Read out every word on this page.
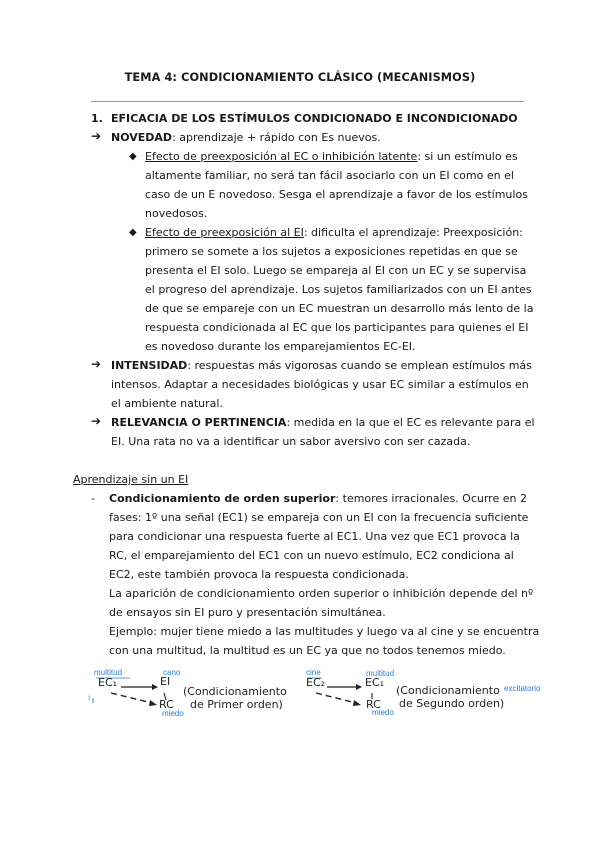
TEMA 4: CONDICIONAMIENTO CLÁSICO (MECANISMOS)
1. EFICACIA DE LOS ESTÍMULOS CONDICIONADO E INCONDICIONADO
➔ NOVEDAD: aprendizaje + rápido con Es nuevos.
◆ Efecto de preexposición al EC o inhibición latente: si un estímulo es
altamente familiar, no será tan fácil asociarlo con un EI como en el
caso de un E novedoso. Sesga el aprendizaje a favor de los estímulos
novedosos.
◆ Efecto de preexposición al EI: dificulta el aprendizaje: Preexposición:
primero se somete a los sujetos a exposiciones repetidas en que se
presenta el EI solo. Luego se empareja al EI con un EC y se supervisa
el progreso del aprendizaje. Los sujetos familiarizados con un EI antes
de que se empareje con un EC muestran un desarrollo más lento de la
respuesta condicionada al EC que los participantes para quienes el EI
es novedoso durante los emparejamientos EC-EI.
➔ INTENSIDAD: respuestas más vigorosas cuando se emplean estímulos más
intensos. Adaptar a necesidades biológicas y usar EC similar a estímulos en
el ambiente natural.
➔ RELEVANCIA O PERTINENCIA: medida en la que el EC es relevante para el
EI. Una rata no va a identificar un sabor aversivo con ser cazada.
Aprendizaje sin un EI
- Condicionamiento de orden superior: temores irracionales. Ocurre en 2
fases: 1º una señal (EC1) se empareja con un EI con la frecuencia suficiente
para condicionar una respuesta fuerte al EC1. Una vez que EC1 provoca la
RC, el emparejamiento del EC1 con un nuevo estímulo, EC2 condiciona al
EC2, este también provoca la respuesta condicionada.
La aparición de condicionamiento orden superior o inhibición depende del nº
de ensayos sin EI puro y presentación simultánea.
Ejemplo: mujer tiene miedo a las multitudes y luego va al cine y se encuentra
con una multitud, la multitud es un EC ya que no todos tenemos miedo.
multitud	cano
EC₁	EI
RC
miedo
ı	(Condicionamiento
de Primer orden)
cine	multitud
EC₂	EC₁
RC
miedo
excitatorio
(Condicionamiento
de Segundo orden)
